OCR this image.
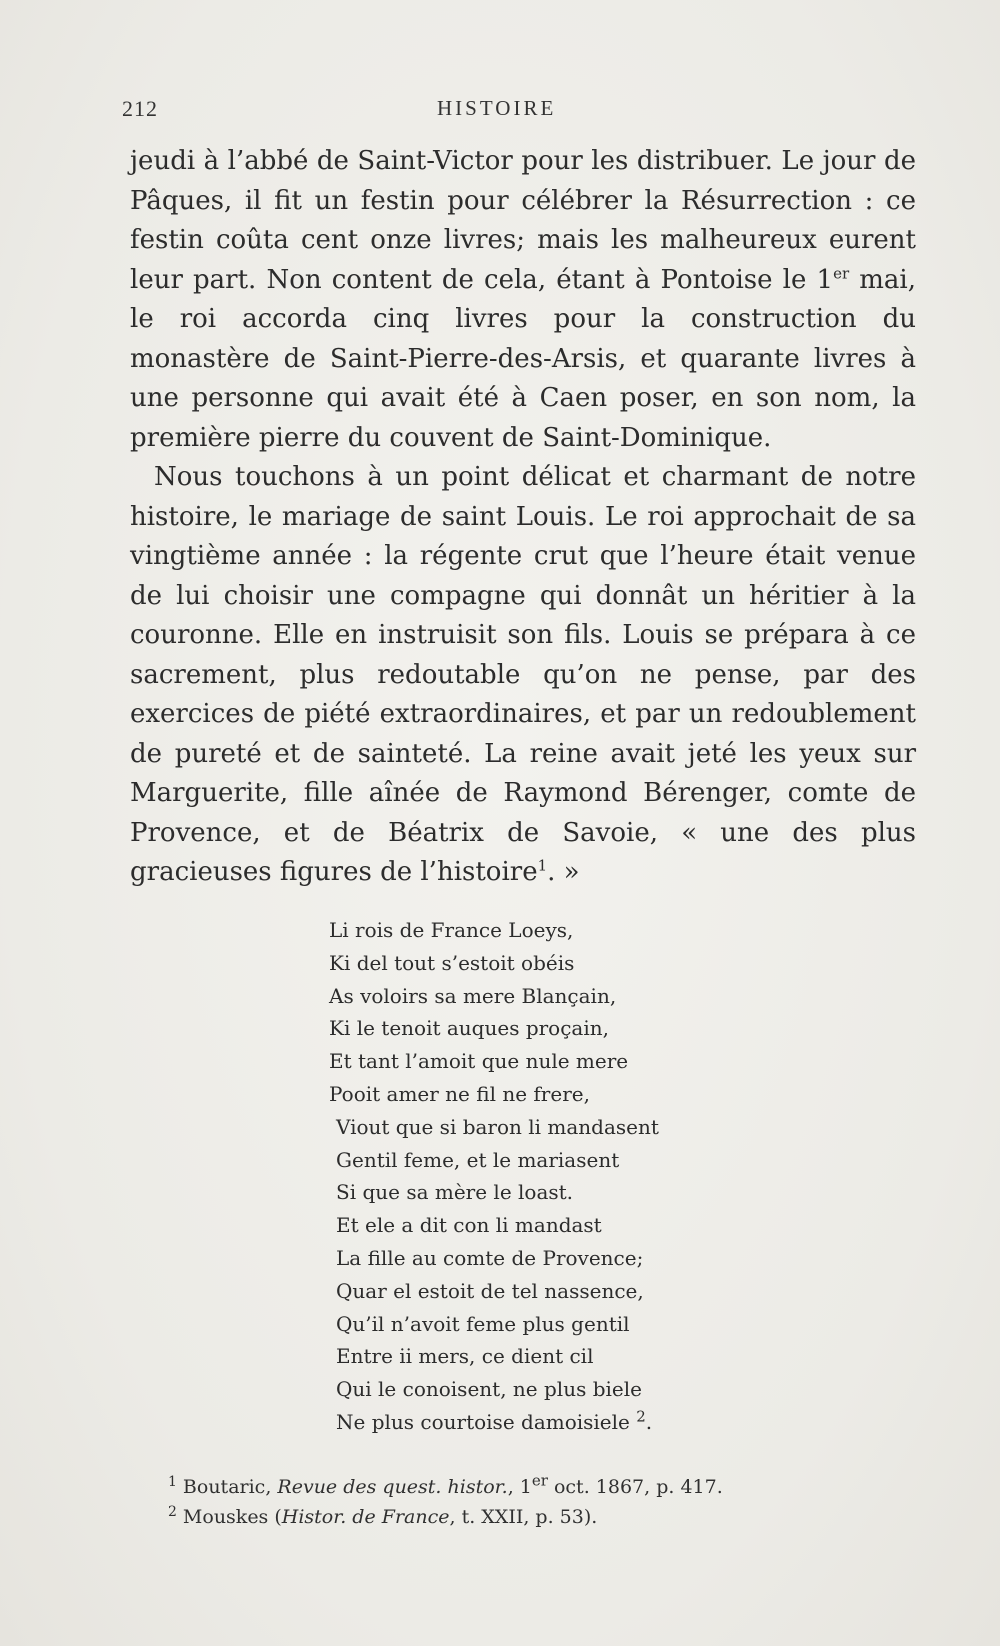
212	HISTOIRE

jeudi à l’abbé de Saint-Victor pour les distribuer. Le jour de Pâques, il fit un festin pour célébrer la Résurrection : ce festin coûta cent onze livres; mais les malheureux eurent leur part. Non content de cela, étant à Pontoise le 1er mai, le roi accorda cinq livres pour la construction du monastère de Saint-Pierre-des-Arsis, et quarante livres à une personne qui avait été à Caen poser, en son nom, la première pierre du couvent de Saint-Dominique.

Nous touchons à un point délicat et charmant de notre histoire, le mariage de saint Louis. Le roi approchait de sa vingtième année : la régente crut que l’heure était venue de lui choisir une compagne qui donnât un héritier à la couronne. Elle en instruisit son fils. Louis se prépara à ce sacrement, plus redoutable qu’on ne pense, par des exercices de piété extraordinaires, et par un redoublement de pureté et de sainteté. La reine avait jeté les yeux sur Marguerite, fille aînée de Raymond Bérenger, comte de Provence, et de Béatrix de Savoie, « une des plus gracieuses figures de l’histoire$^1$. »

Li rois de France Loeys,
Ki del tout s’estoit obéis
As voloirs sa mere Blançain,
Ki le tenoit auques proçain,
Et tant l’amoit que nule mere
Pooit amer ne fil ne frere,
Viout que si baron li mandasent
Gentil feme, et le mariasent
Si que sa mère le loast.
Et ele a dit con li mandast
La fille au comte de Provence;
Quar el estoit de tel nassence,
Qu’il n’avoit feme plus gentil
Entre ii mers, ce dient cil
Qui le conoisent, ne plus biele
Ne plus courtoise damoisiele $^2$.
$^1$ Boutaric, Revue des quest. histor., 1er oct. 1867, p. 417.
$^2$ Mouskes (Histor. de France, t. XXII, p. 53).
